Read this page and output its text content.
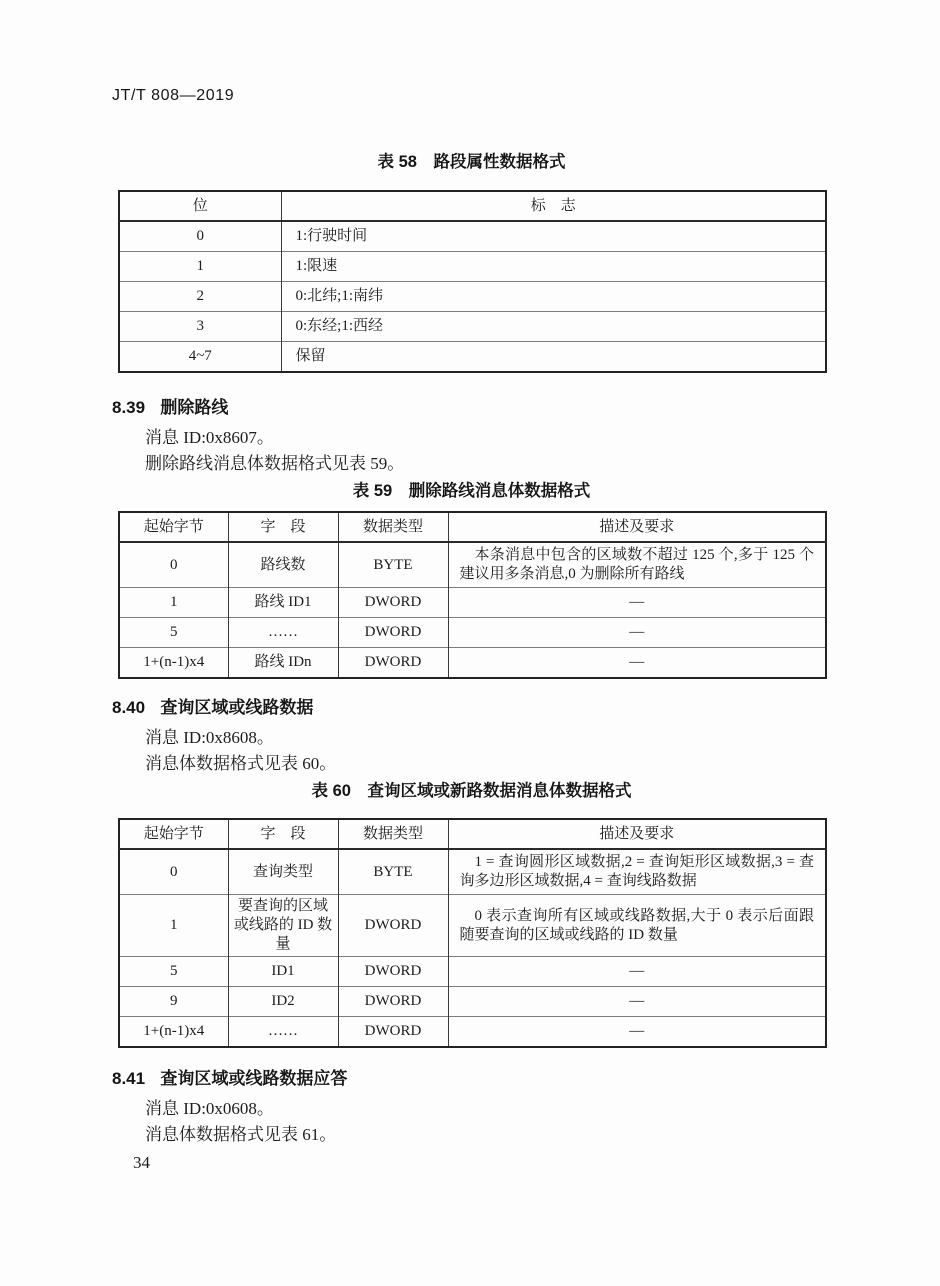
JT/T 808—2019
表 58 路段属性数据格式
位	标　志
0	1:行驶时间
1	1:限速
2	0:北纬;1:南纬
3	0:东经;1:西经
4~7	保留
8.39 删除路线

消息 ID:0x8607。

删除路线消息体数据格式见表 59。

表 59 删除路线消息体数据格式
起始字节	字　段	数据类型	描述及要求
0	路线数	BYTE	本条消息中包含的区域数不超过 125 个,多于 125 个建议用多条消息,0 为删除所有路线
1	路线 ID1	DWORD	—
5	……	DWORD	—
1+(n-1)x4	路线 IDn	DWORD	—
8.40 查询区域或线路数据

消息 ID:0x8608。

消息体数据格式见表 60。

表 60 查询区域或新路数据消息体数据格式
起始字节	字　段	数据类型	描述及要求
0	查询类型	BYTE	1 = 查询圆形区域数据,2 = 查询矩形区域数据,3 = 查询多边形区域数据,4 = 查询线路数据
1	要查询的区域或线路的 ID 数量	DWORD	0 表示查询所有区域或线路数据,大于 0 表示后面跟随要查询的区域或线路的 ID 数量
5	ID1	DWORD	—
9	ID2	DWORD	—
1+(n-1)x4	……	DWORD	—
8.41 查询区域或线路数据应答

消息 ID:0x0608。

消息体数据格式见表 61。

34
